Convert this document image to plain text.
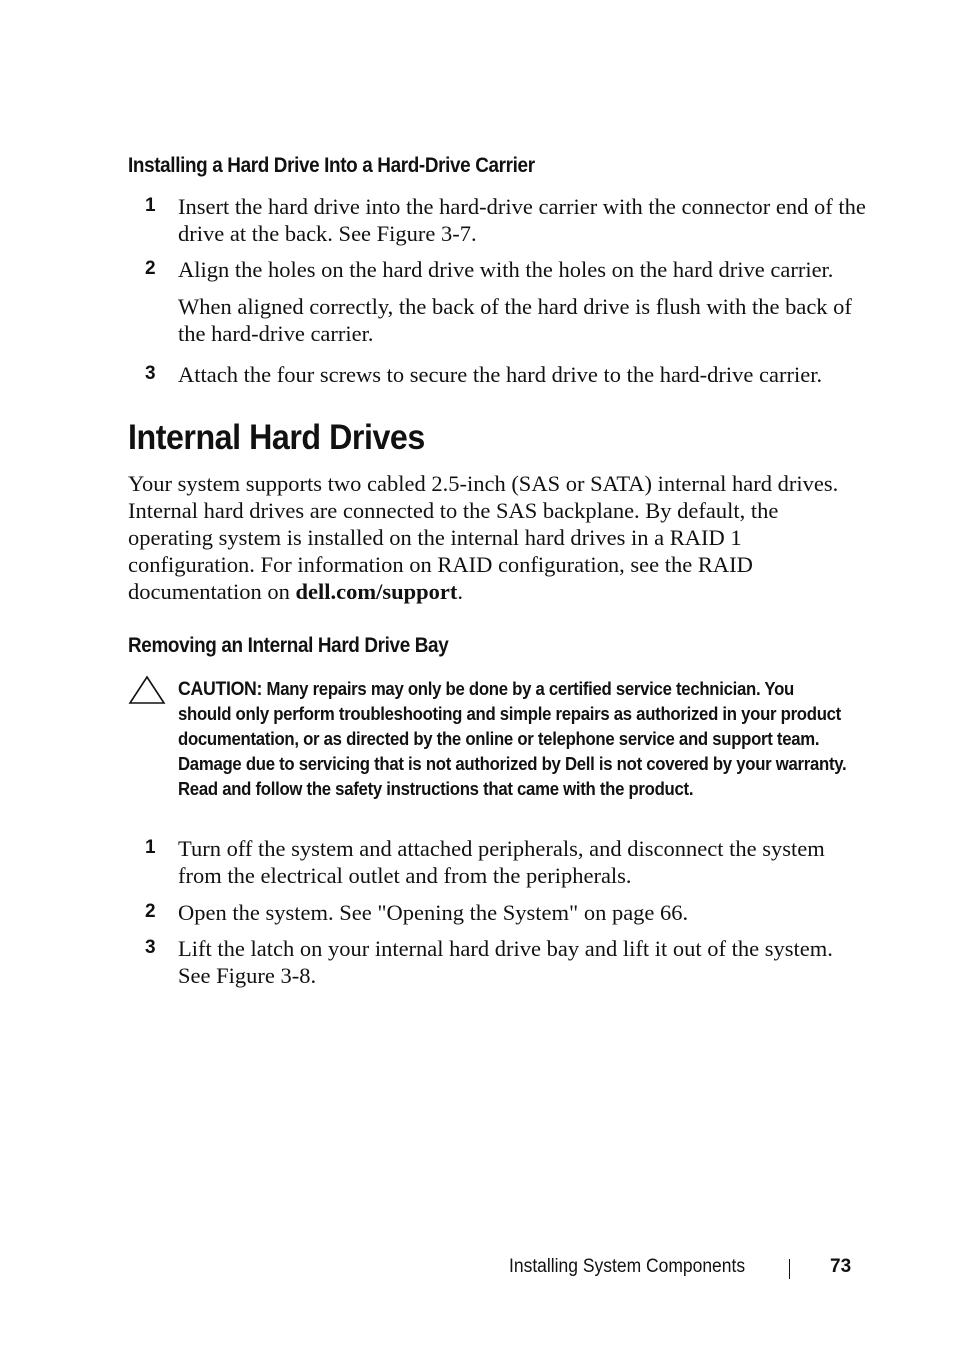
Installing a Hard Drive Into a Hard-Drive Carrier
1 Insert the hard drive into the hard-drive carrier with the connector end of the drive at the back. See Figure 3-7.
2 Align the holes on the hard drive with the holes on the hard drive carrier.
When aligned correctly, the back of the hard drive is flush with the back of the hard-drive carrier.
3 Attach the four screws to secure the hard drive to the hard-drive carrier.
Internal Hard Drives
Your system supports two cabled 2.5-inch (SAS or SATA) internal hard drives. Internal hard drives are connected to the SAS backplane. By default, the operating system is installed on the internal hard drives in a RAID 1 configuration. For information on RAID configuration, see the RAID documentation on dell.com/support.
Removing an Internal Hard Drive Bay
CAUTION: Many repairs may only be done by a certified service technician. You should only perform troubleshooting and simple repairs as authorized in your product documentation, or as directed by the online or telephone service and support team. Damage due to servicing that is not authorized by Dell is not covered by your warranty. Read and follow the safety instructions that came with the product.
1 Turn off the system and attached peripherals, and disconnect the system from the electrical outlet and from the peripherals.
2 Open the system. See "Opening the System" on page 66.
3 Lift the latch on your internal hard drive bay and lift it out of the system. See Figure 3-8.
Installing System Components	73
